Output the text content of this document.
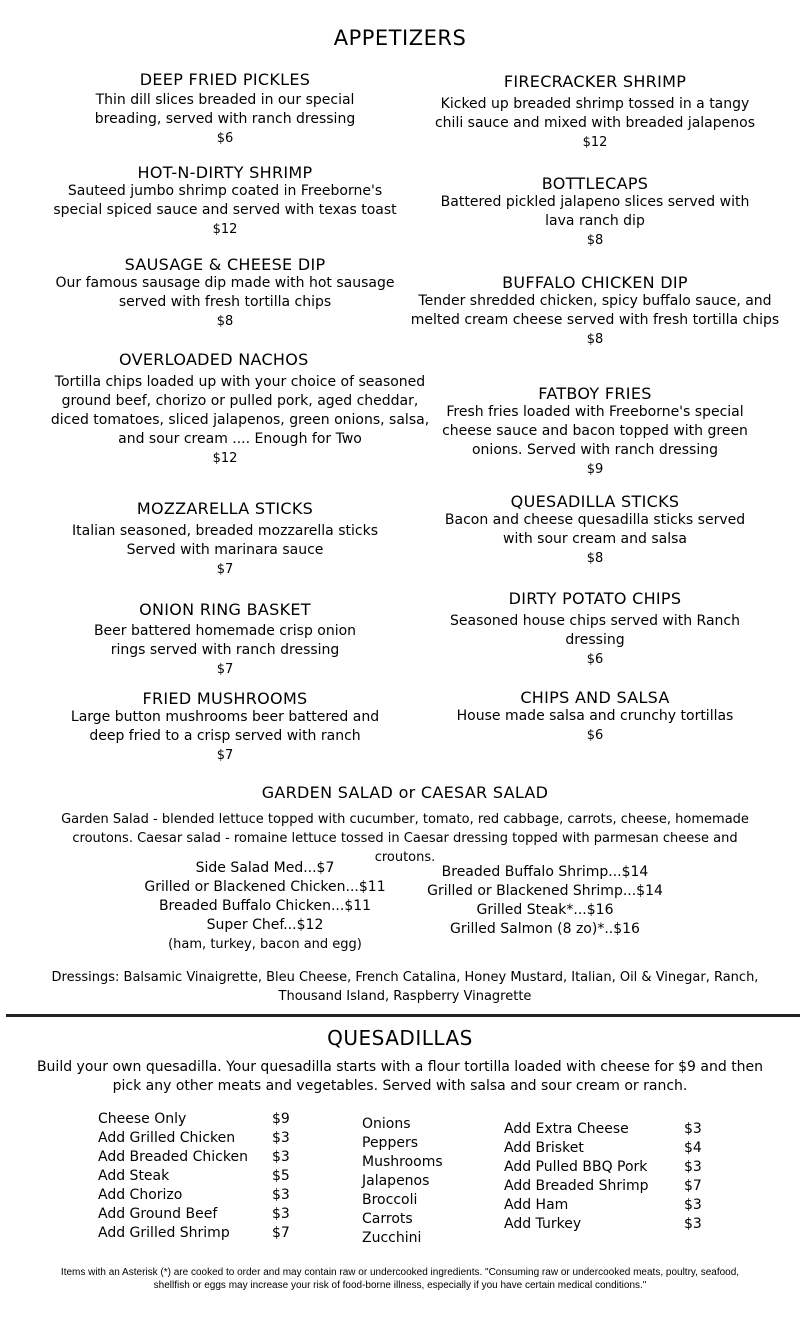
APPETIZERS
DEEP FRIED PICKLES
Thin dill slices breaded in our special breading, served with ranch dressing
$6
HOT-N-DIRTY SHRIMP
Sauteed jumbo shrimp coated in Freeborne's special spiced sauce and served with texas toast
$12
SAUSAGE & CHEESE DIP
Our famous sausage dip made with hot sausage served with fresh tortilla chips
$8
OVERLOADED NACHOS
Tortilla chips loaded up with your choice of seasoned ground beef, chorizo or pulled pork, aged cheddar, diced tomatoes, sliced jalapenos, green onions, salsa, and sour cream .... Enough for Two
$12
MOZZARELLA STICKS
Italian seasoned, breaded mozzarella sticks Served with marinara sauce
$7
ONION RING BASKET
Beer battered homemade crisp onion rings served with ranch dressing
$7
FRIED MUSHROOMS
Large button mushrooms beer battered and deep fried to a crisp served with ranch
$7
FIRECRACKER SHRIMP
Kicked up breaded shrimp tossed in a tangy chili sauce and mixed with breaded jalapenos
$12
BOTTLECAPS
Battered pickled jalapeno slices served with lava ranch dip
$8
BUFFALO CHICKEN DIP
Tender shredded chicken, spicy buffalo sauce, and melted cream cheese served with fresh tortilla chips
$8
FATBOY FRIES
Fresh fries loaded with Freeborne's special cheese sauce and bacon topped with green onions. Served with ranch dressing
$9
QUESADILLA STICKS
Bacon and cheese quesadilla sticks served with sour cream and salsa
$8
DIRTY POTATO CHIPS
Seasoned house chips served with Ranch dressing
$6
CHIPS AND SALSA
House made salsa and crunchy tortillas
$6
GARDEN SALAD or CAESAR SALAD
Garden Salad - blended lettuce topped with cucumber, tomato, red cabbage, carrots, cheese, homemade croutons. Caesar salad - romaine lettuce tossed in Caesar dressing topped with parmesan cheese and croutons.
Side Salad Med...$7
Grilled or Blackened Chicken...$11
Breaded Buffalo Chicken...$11
Super Chef...$12
(ham, turkey, bacon and egg)
Breaded Buffalo Shrimp...$14
Grilled or Blackened Shrimp...$14
Grilled Steak*...$16
Grilled Salmon (8 zo)*..$16
Dressings: Balsamic Vinaigrette, Bleu Cheese, French Catalina, Honey Mustard, Italian, Oil & Vinegar, Ranch, Thousand Island, Raspberry Vinagrette
QUESADILLAS
Build your own quesadilla. Your quesadilla starts with a flour tortilla loaded with cheese for $9 and then pick any other meats and vegetables. Served with salsa and sour cream or ranch.
Cheese Only	$9
Add Grilled Chicken	$3
Add Breaded Chicken	$3
Add Steak	$5
Add Chorizo	$3
Add Ground Beef	$3
Add Grilled Shrimp	$7
Onions
Peppers
Mushrooms
Jalapenos
Broccoli
Carrots
Zucchini
Add Extra Cheese	$3
Add Brisket	$4
Add Pulled BBQ Pork	$3
Add Breaded Shrimp	$7
Add Ham	$3
Add Turkey	$3
Items with an Asterisk (*) are cooked to order and may contain raw or undercooked ingredients. "Consuming raw or undercooked meats, poultry, seafood, shellfish or eggs may increase your risk of food-borne illness, especially if you have certain medical conditions."
